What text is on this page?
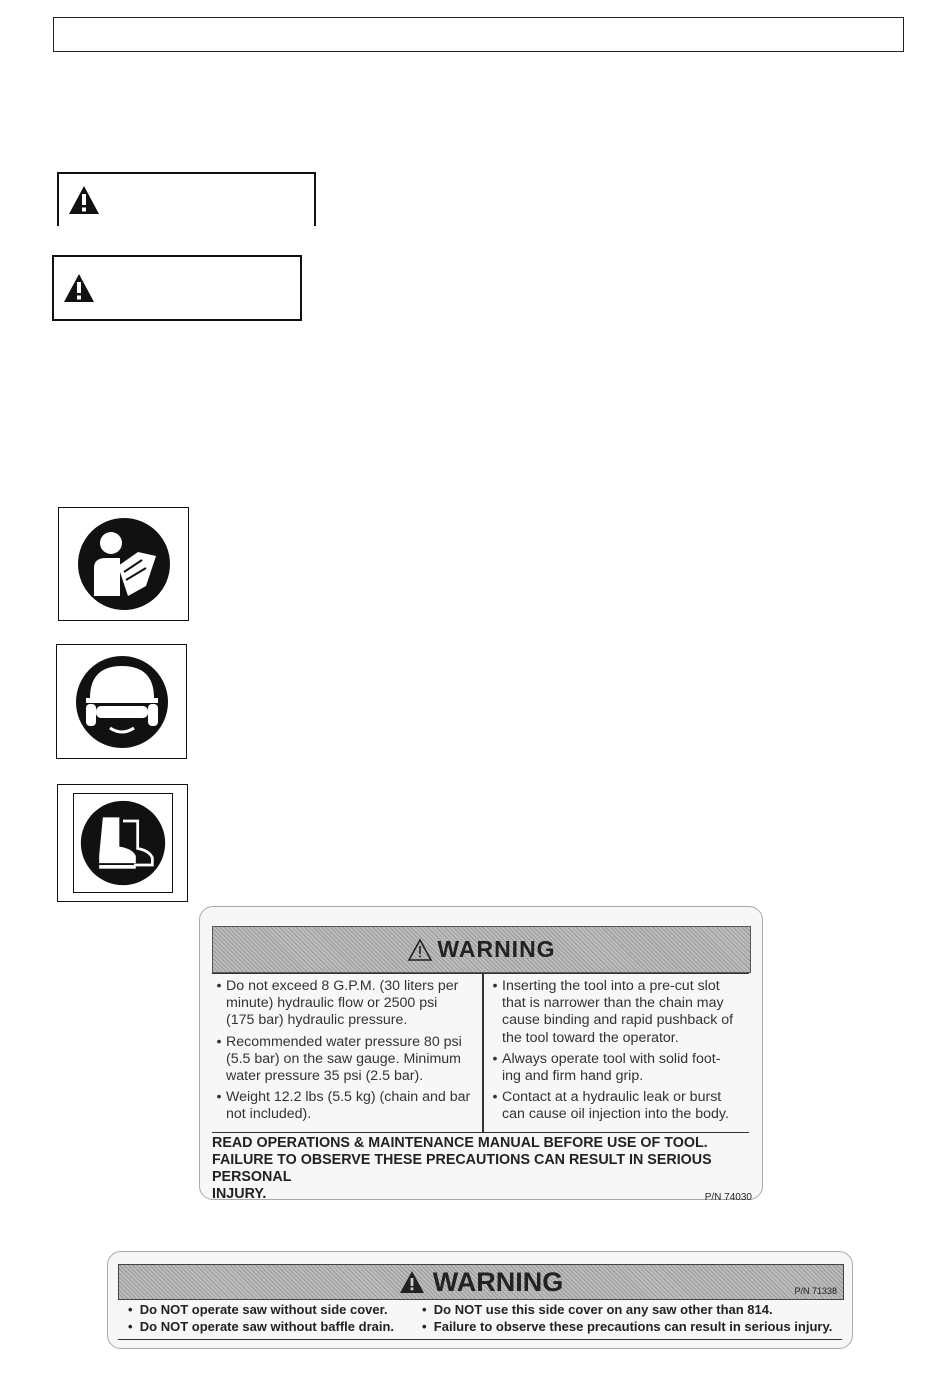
WARNING
• Do not exceed 8 G.P.M. (30 liters per
minute) hydraulic flow or 2500 psi
(175 bar) hydraulic pressure.
• Recommended water pressure 80 psi
(5.5 bar) on the saw gauge. Minimum
water pressure 35 psi (2.5 bar).
• Weight 12.2 lbs (5.5 kg) (chain and bar
not included).
• Inserting the tool into a pre-cut slot
that is narrower than the chain may
cause binding and rapid pushback of
the tool toward the operator.
• Always operate tool with solid foot-
ing and firm hand grip.
• Contact at a hydraulic leak or burst
can cause oil injection into the body.
READ OPERATIONS & MAINTENANCE MANUAL BEFORE USE OF TOOL.
FAILURE TO OBSERVE THESE PRECAUTIONS CAN RESULT IN SERIOUS PERSONAL
INJURY.	P/N 74030
WARNING	P/N 71338
•  Do NOT operate saw without side cover.	•  Do NOT use this side cover on any saw other than 814.
•  Do NOT operate saw without baffle drain. •  Failure to observe these precautions can result in serious injury.
